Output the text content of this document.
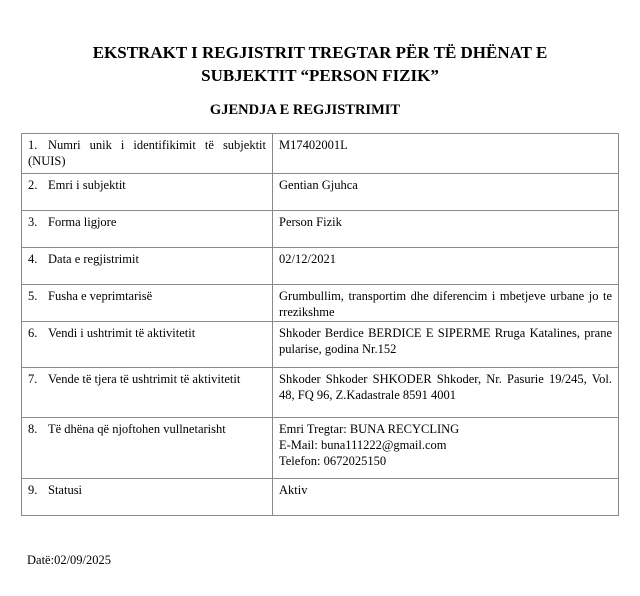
EKSTRAKT I REGJISTRIT TREGTAR PËR TË DHËNAT E
SUBJEKTIT “PERSON FIZIK”
GJENDJA E REGJISTRIMIT
1. Numri unik i identifikimit të subjektit (NUIS)	M17402001L
2. Emri i subjektit	Gentian Gjuhca
3. Forma ligjore	Person Fizik
4. Data e regjistrimit	02/12/2021
5. Fusha e veprimtarisë	Grumbullim, transportim dhe diferencim i mbetjeve urbane jo te rrezikshme
6. Vendi i ushtrimit të aktivitetit	Shkoder Berdice BERDICE E SIPERME Rruga Katalines, prane pularise, godina Nr.152
7. Vende të tjera të ushtrimit të aktivitetit	Shkoder Shkoder SHKODER Shkoder, Nr. Pasurie 19/245, Vol. 48, FQ 96, Z.Kadastrale 8591 4001
8. Të dhëna që njoftohen vullnetarisht	Emri Tregtar: BUNA RECYCLING
E-Mail: buna111222@gmail.com
Telefon: 0672025150

9. Statusi	Aktiv
Datë:02/09/2025
